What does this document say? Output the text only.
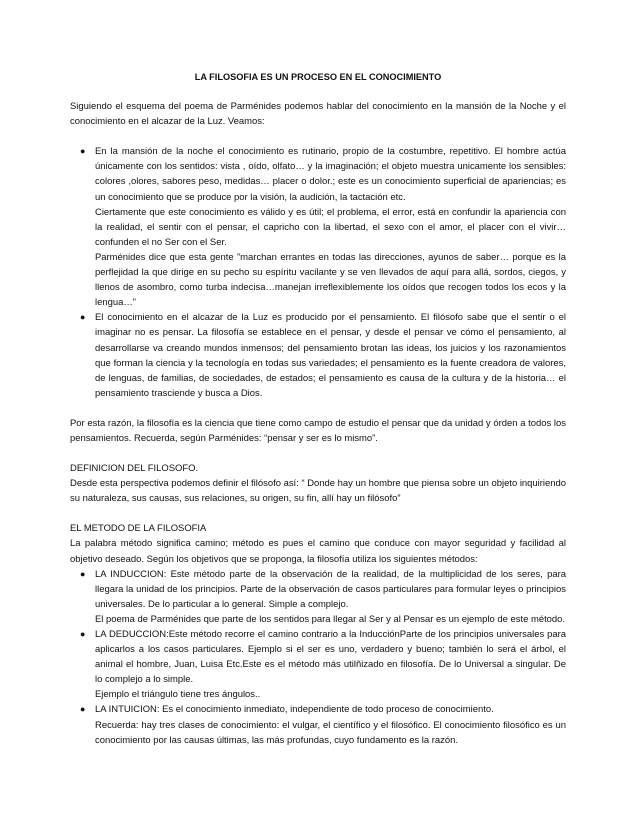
LA FILOSOFIA ES UN PROCESO EN EL CONOCIMIENTO

Siguiendo el esquema del poema de Parménides podemos hablar del conocimiento en la mansión de la Noche y el conocimiento en el alcazar de la Luz. Veamos:

● En la mansión de la noche el conocimiento es rutinario, propio de la costumbre, repetitivo. El hombre actúa únicamente con los sentidos: vista , oído, olfato… y la imaginación; el objeto muestra unicamente los sensibles: colores ,olores, sabores peso, medidas… placer o dolor.; este es un conocimiento superficial de apariencias; es un conocimiento que se produce por la visión, la audición, la tactación etc.
Ciertamente que este conocimiento es válido y es útil; el problema, el error, está en confundir la apariencia con la realidad, el sentir con el pensar, el capricho con la libertad, el sexo con el amor, el placer con el vivir…confunden el no Ser con el Ser.
Parménides dice que esta gente ”marchan errantes en todas las direcciones, ayunos de saber… porque es la perflejidad la que dirige en su pecho su espíritu vacilante y se ven llevados de aquí para allá, sordos, ciegos, y llenos de asombro, como turba indecisa…manejan irreflexiblemente los oídos que recogen todos los ecos y la lengua…”
● El conocimiento en el alcazar de la Luz es producido por el pensamiento. El filósofo sabe que el sentir o el imaginar no es pensar. La filosofía se establece en el pensar, y desde el pensar ve cómo el pensamiento, al desarrollarse va creando mundos inmensos; del pensamiento brotan las ideas, los juicios y los razonamientos que forman la ciencia y la tecnología en todas sus variedades; el pensamiento es la fuente creadora de valores, de lenguas, de familias, de sociedades, de estados; el pensamiento es causa de la cultura y de la historia… el pensamiento trasciende y busca a Dios.

Por esta razón, la filosofía es la ciencia que tiene como campo de estudio el pensar que da unidad y órden a todos los pensamientos. Recuerda, según Parménides: “pensar y ser es lo mismo”.

DEFINICION DEL FILOSOFO.
Desde esta perspectiva podemos definir el filósofo así: “ Donde hay un hombre que piensa sobre un objeto inquiriendo su naturaleza, sus causas, sus relaciones, su origen, su fin, allí hay un filósofo”
EL METODO DE LA FILOSOFIA
La palabra método significa camino; método es pues el camino que conduce con mayor seguridad y facilidad al objetivo deseado. Según los objetivos que se proponga, la filosofía utiliza los siguientes métodos:
● LA INDUCCION: Este método parte de la observación de la realidad, de la multiplicidad de los seres, para llegara la unidad de los principios. Parte de la observación de casos particulares para formular leyes o principios universales. De lo particular a lo general. Simple a complejo.
El poema de Parménides que parte de los sentidos para llegar al Ser y al Pensar es un ejemplo de este método.
● LA DEDUCCION:Este método recorre el camino contrario a la InducciónParte de los principios universales para aplicarlos a los casos particulares. Ejemplo si el ser es uno, verdadero y bueno; también lo será el árbol, el animal el hombre, Juan, Luisa Etc.Este es el método más utilñizado en filosofía. De lo Universal a singular. De lo complejo a lo simple.
Ejemplo el triángulo tiene tres ángulos..
● LA INTUICION: Es el conocimiento inmediato, independiente de todo proceso de conocimiento.
Recuerda: hay tres clases de conocimiento: el vulgar, el científico y el filosófico. El conocimiento filosófico es un conocimiento por las causas últimas, las más profundas, cuyo fundamento es la razón.
